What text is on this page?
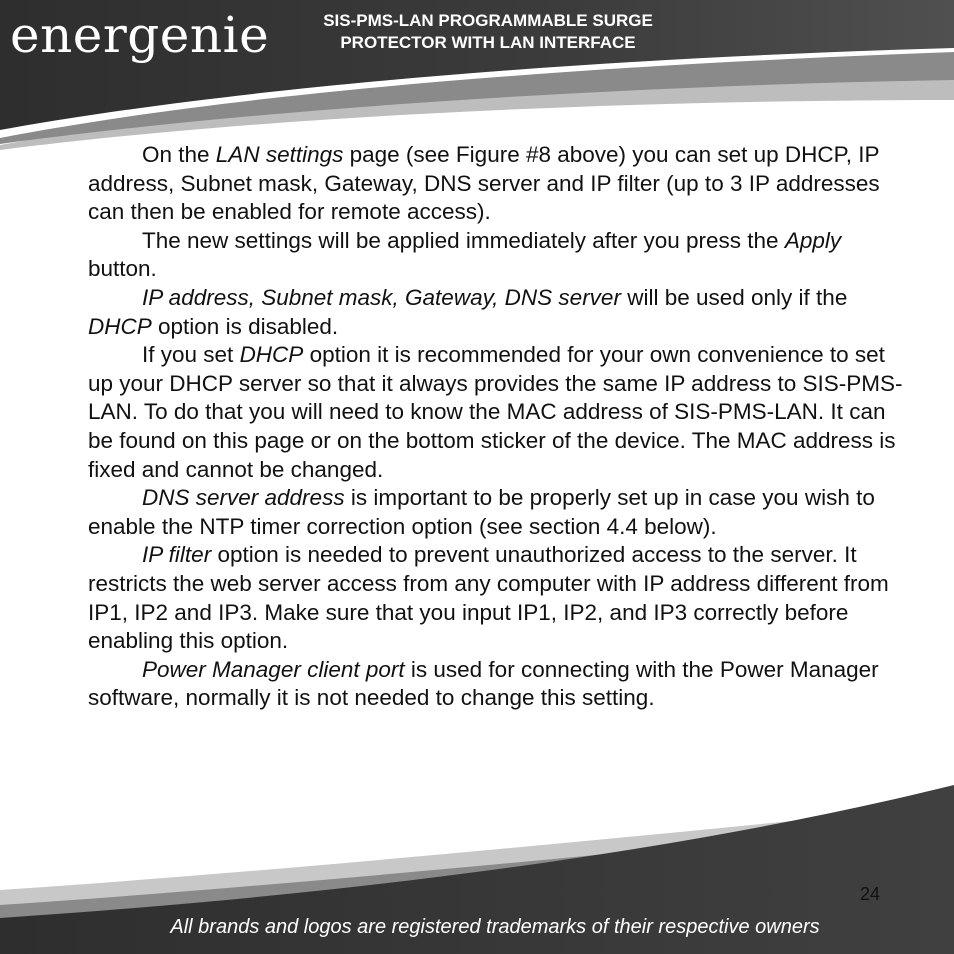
energenie	SIS-PMS-LAN PROGRAMMABLE SURGE
PROTECTOR WITH LAN INTERFACE

On the LAN settings page (see Figure #8 above) you can set up DHCP, IP address, Subnet mask, Gateway, DNS server and IP filter (up to 3 IP addresses can then be enabled for remote access).

The new settings will be applied immediately after you press the Apply button.

IP address, Subnet mask, Gateway, DNS server will be used only if the DHCP option is disabled.

If you set DHCP option it is recommended for your own convenience to set up your DHCP server so that it always provides the same IP address to SIS-PMS-LAN. To do that you will need to know the MAC address of SIS-PMS-LAN. It can be found on this page or on the bottom sticker of the device. The MAC address is fixed and cannot be changed.

DNS server address is important to be properly set up in case you wish to enable the NTP timer correction option (see section 4.4 below).

IP filter option is needed to prevent unauthorized access to the server. It restricts the web server access from any computer with IP address different from IP1, IP2 and IP3. Make sure that you input IP1, IP2, and IP3 correctly before enabling this option.

Power Manager client port is used for connecting with the Power Manager software, normally it is not needed to change this setting.

24
All brands and logos are registered trademarks of their respective owners
